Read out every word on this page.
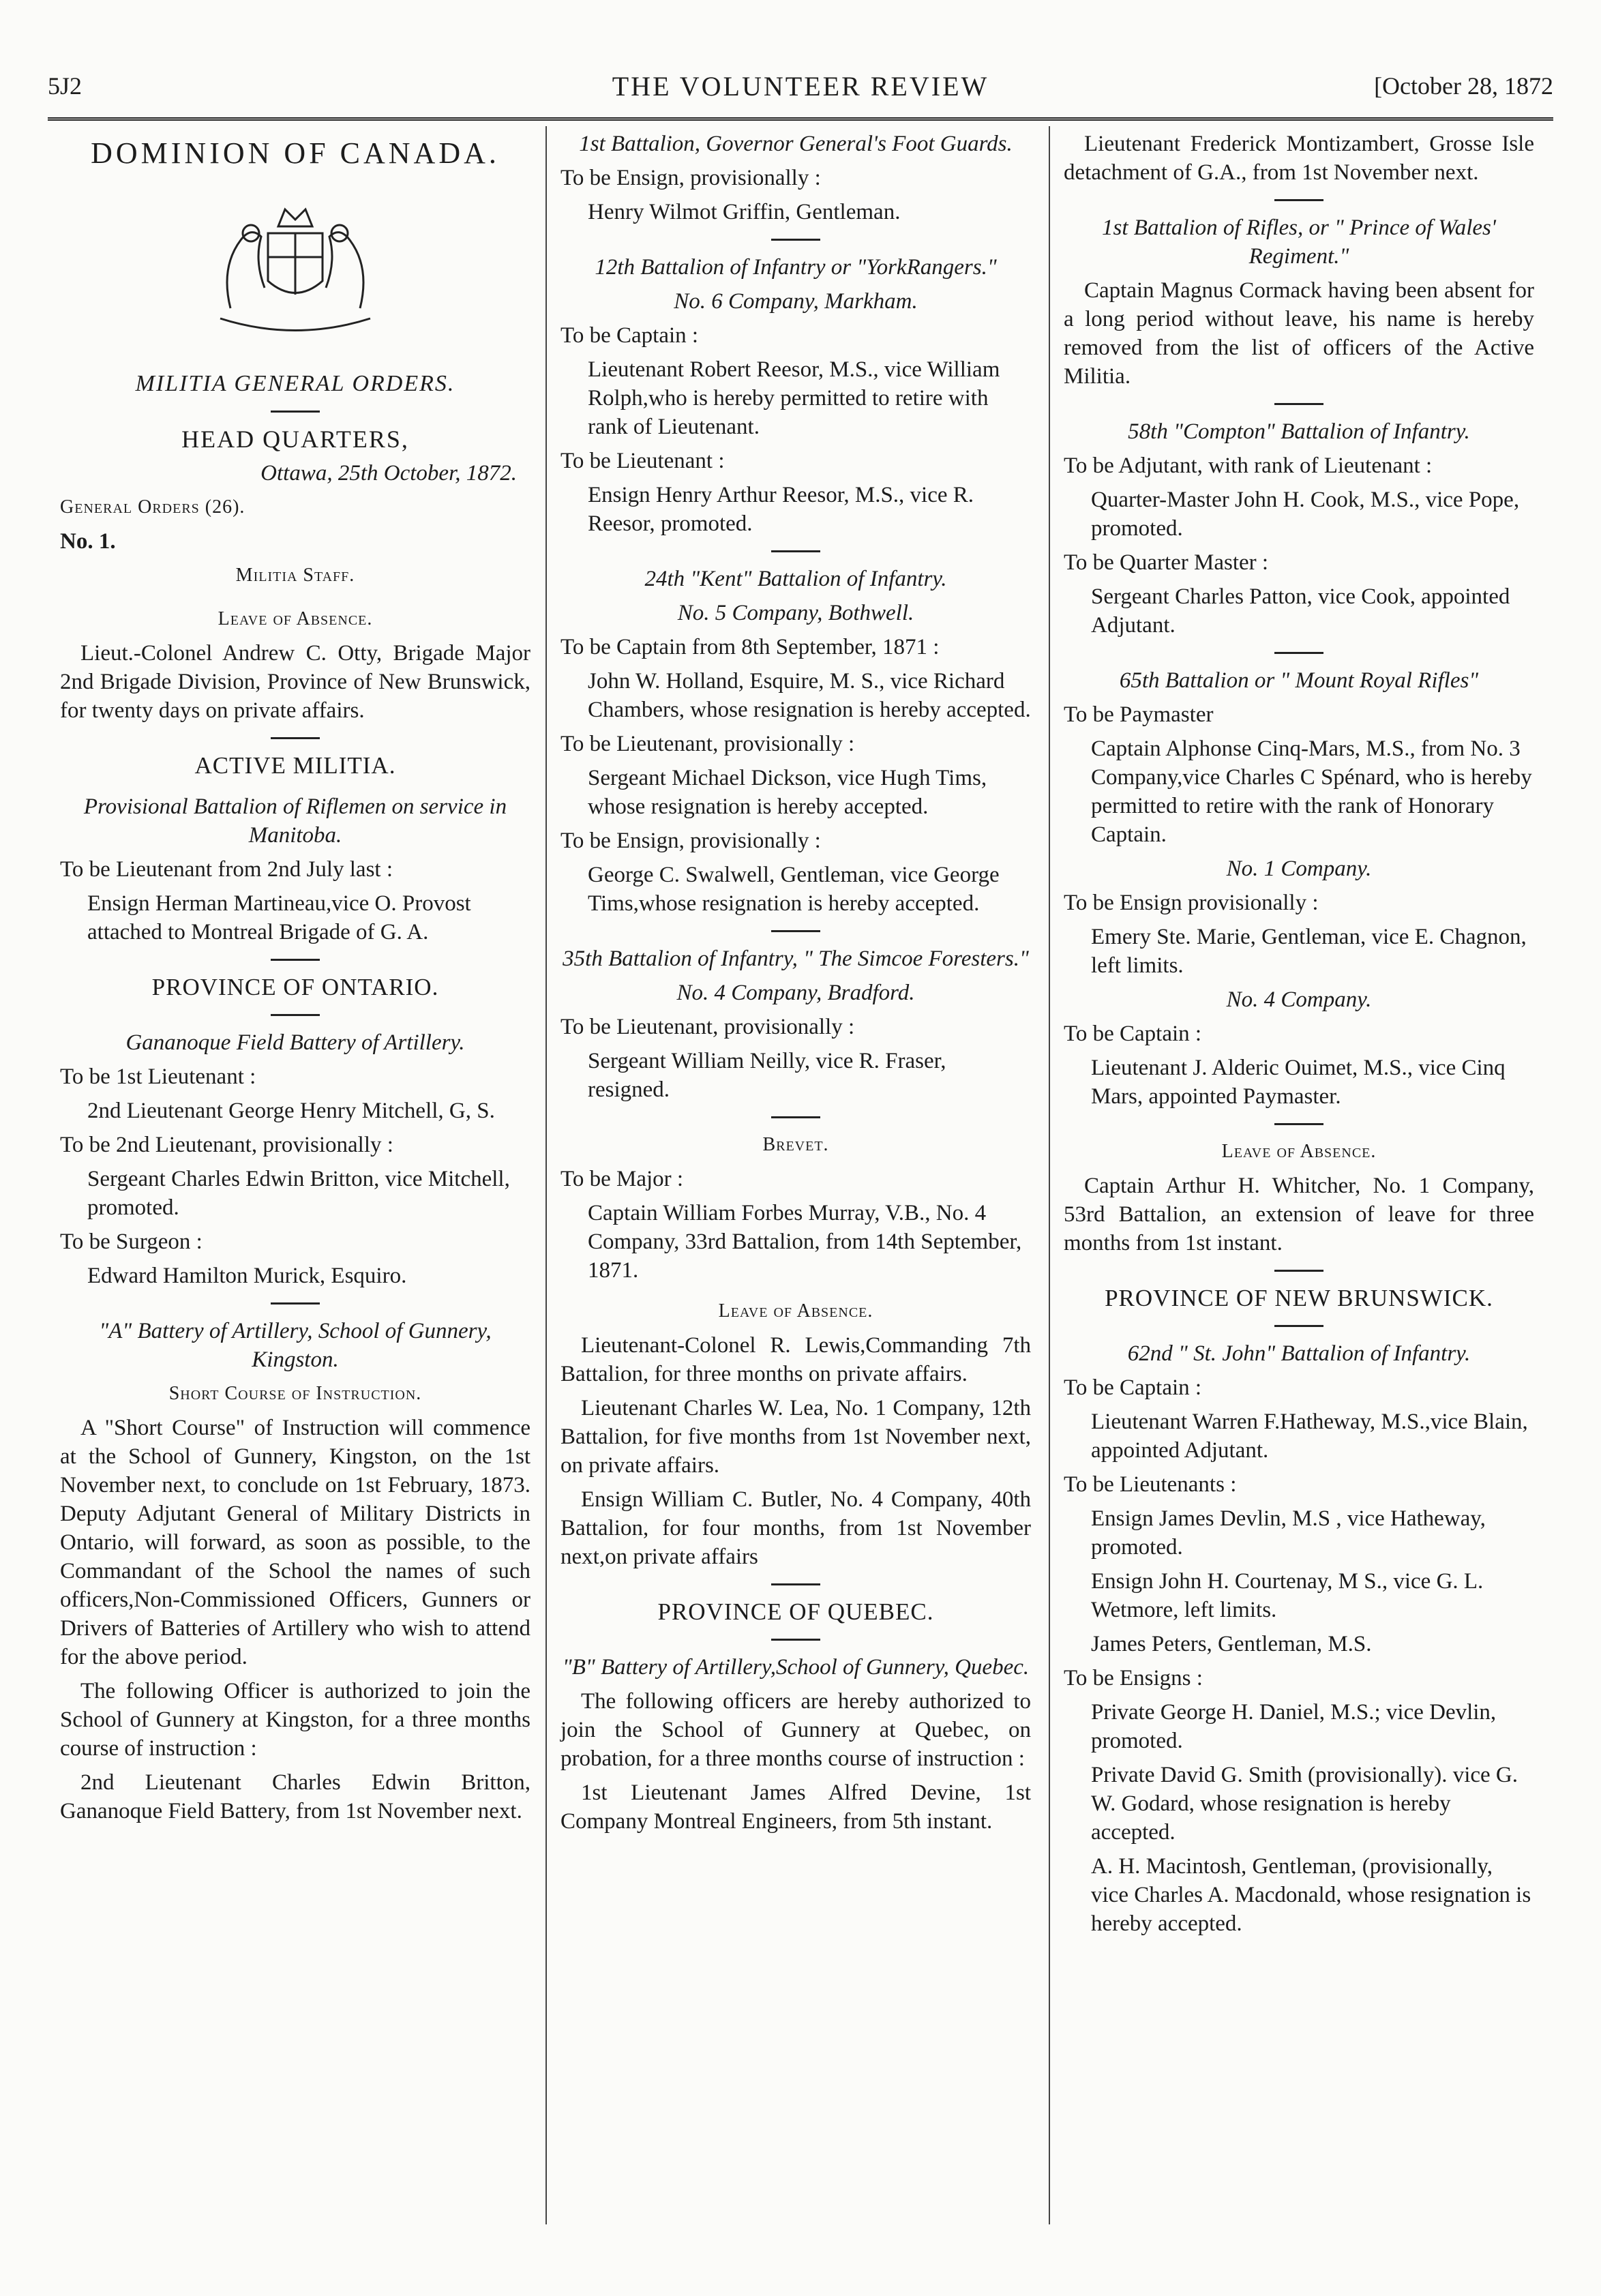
5J2	THE VOLUNTEER REVIEW	[October 28, 1872

DOMINION OF CANADA.

MILITIA GENERAL ORDERS.

HEAD QUARTERS,

Ottawa, 25th October, 1872.

General Orders (26).

No. 1.

Militia Staff.

Leave of Absence.

Lieut.-Colonel Andrew C. Otty, Brigade Major 2nd Brigade Division, Province of New Brunswick, for twenty days on private affairs.

ACTIVE MILITIA.

Provisional Battalion of Riflemen on service in Manitoba.

To be Lieutenant from 2nd July last :

Ensign Herman Martineau,vice O. Provost attached to Montreal Brigade of G. A.

PROVINCE OF ONTARIO.

Gananoque Field Battery of Artillery.

To be 1st Lieutenant :

2nd Lieutenant George Henry Mitchell, G, S.

To be 2nd Lieutenant, provisionally :

Sergeant Charles Edwin Britton, vice Mitchell, promoted.

To be Surgeon :

Edward Hamilton Murick, Esquiro.

"A" Battery of Artillery, School of Gunnery, Kingston.

Short Course of Instruction.

A "Short Course" of Instruction will commence at the School of Gunnery, Kingston, on the 1st November next, to conclude on 1st February, 1873. Deputy Adjutant General of Military Districts in Ontario, will forward, as soon as possible, to the Commandant of the School the names of such officers,Non-Commissioned Officers, Gunners or Drivers of Batteries of Artillery who wish to attend for the above period.

The following Officer is authorized to join the School of Gunnery at Kingston, for a three months course of instruction :

2nd Lieutenant Charles Edwin Britton, Gananoque Field Battery, from 1st November next.

1st Battalion, Governor General's Foot Guards.

To be Ensign, provisionally :

Henry Wilmot Griffin, Gentleman.

12th Battalion of Infantry or "YorkRangers."

No. 6 Company, Markham.

To be Captain :

Lieutenant Robert Reesor, M.S., vice William Rolph,who is hereby permitted to retire with rank of Lieutenant.

To be Lieutenant :

Ensign Henry Arthur Reesor, M.S., vice R. Reesor, promoted.

24th "Kent" Battalion of Infantry.

No. 5 Company, Bothwell.

To be Captain from 8th September, 1871 :

John W. Holland, Esquire, M. S., vice Richard Chambers, whose resignation is hereby accepted.

To be Lieutenant, provisionally :

Sergeant Michael Dickson, vice Hugh Tims, whose resignation is hereby accepted.

To be Ensign, provisionally :

George C. Swalwell, Gentleman, vice George Tims,whose resignation is hereby accepted.

35th Battalion of Infantry, " The Simcoe Foresters."

No. 4 Company, Bradford.

To be Lieutenant, provisionally :

Sergeant William Neilly, vice R. Fraser, resigned.

Brevet.

To be Major :

Captain William Forbes Murray, V.B., No. 4 Company, 33rd Battalion, from 14th September, 1871.

Leave of Absence.

Lieutenant-Colonel R. Lewis,Commanding 7th Battalion, for three months on private affairs.

Lieutenant Charles W. Lea, No. 1 Company, 12th Battalion, for five months from 1st November next, on private affairs.

Ensign William C. Butler, No. 4 Company, 40th Battalion, for four months, from 1st November next,on private affairs

PROVINCE OF QUEBEC.

"B" Battery of Artillery,School of Gunnery, Quebec.

The following officers are hereby authorized to join the School of Gunnery at Quebec, on probation, for a three months course of instruction :

1st Lieutenant James Alfred Devine, 1st Company Montreal Engineers, from 5th instant.

Lieutenant Frederick Montizambert, Grosse Isle detachment of G.A., from 1st November next.

1st Battalion of Rifles, or " Prince of Wales' Regiment."

Captain Magnus Cormack having been absent for a long period without leave, his name is hereby removed from the list of officers of the Active Militia.

58th "Compton" Battalion of Infantry.

To be Adjutant, with rank of Lieutenant :

Quarter-Master John H. Cook, M.S., vice Pope, promoted.

To be Quarter Master :

Sergeant Charles Patton, vice Cook, appointed Adjutant.

65th Battalion or " Mount Royal Rifles"

To be Paymaster

Captain Alphonse Cinq-Mars, M.S., from No. 3 Company,vice Charles C Spénard, who is hereby permitted to retire with the rank of Honorary Captain.

No. 1 Company.

To be Ensign provisionally :

Emery Ste. Marie, Gentleman, vice E. Chagnon, left limits.

No. 4 Company.

To be Captain :

Lieutenant J. Alderic Ouimet, M.S., vice Cinq Mars, appointed Paymaster.

Leave of Absence.

Captain Arthur H. Whitcher, No. 1 Company, 53rd Battalion, an extension of leave for three months from 1st instant.

PROVINCE OF NEW BRUNSWICK.

62nd " St. John" Battalion of Infantry.

To be Captain :

Lieutenant Warren F.Hatheway, M.S.,vice Blain, appointed Adjutant.

To be Lieutenants :

Ensign James Devlin, M.S , vice Hatheway, promoted.

Ensign John H. Courtenay, M S., vice G. L. Wetmore, left limits.

James Peters, Gentleman, M.S.

To be Ensigns :

Private George H. Daniel, M.S.; vice Devlin, promoted.

Private David G. Smith (provisionally). vice G. W. Godard, whose resignation is hereby accepted.

A. H. Macintosh, Gentleman, (provisionally, vice Charles A. Macdonald, whose resignation is hereby accepted.
